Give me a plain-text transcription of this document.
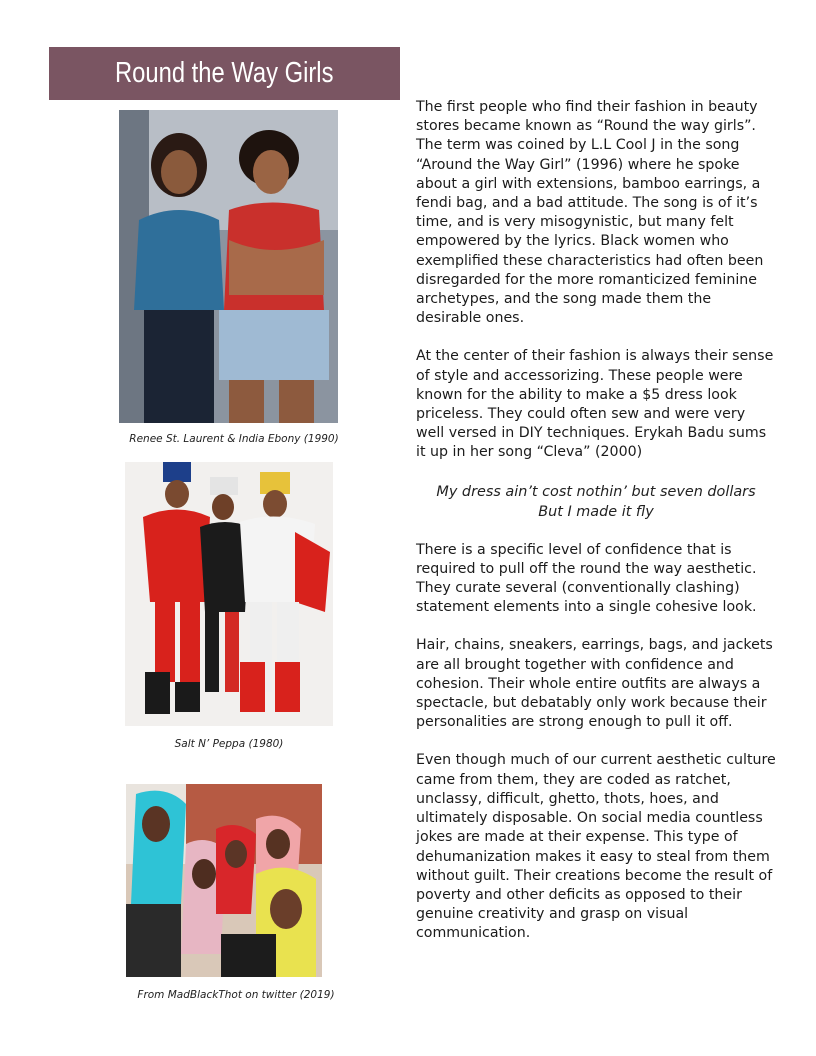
Round the Way Girls
Renee St. Laurent & India Ebony (1990)
Salt N’ Peppa (1980)
From MadBlackThot on twitter (2019)

The first people who find their fashion in beauty stores became known as “Round the way girls”. The term was coined by L.L Cool J in the song “Around the Way Girl” (1996) where he spoke about a girl with extensions, bamboo earrings, a fendi bag, and a bad attitude. The song is of it’s time, and is very misogynistic, but many felt empowered by the lyrics. Black women who exemplified these characteristics had often been disregarded for the more romanticized feminine archetypes, and the song made them the desirable ones.

At the center of their fashion is always their sense of style and accessorizing. These people were known for the ability to make a $5 dress look priceless. They could often sew and were very well versed in DIY techniques. Erykah Badu sums it up in her song “Cleva” (2000)

My dress ain’t cost nothin’ but seven dollars
But I made it fly

There is a specific level of confidence that is required to pull off the round the way aesthetic. They curate several (conventionally clashing) statement elements into a single cohesive look.

Hair, chains, sneakers, earrings, bags, and jackets are all brought together with confidence and cohesion. Their whole entire outfits are always a spectacle, but debatably only work because their personalities are strong enough to pull it off.

Even though much of our current aesthetic culture came from them, they are coded as ratchet, unclassy, difficult, ghetto, thots, hoes, and ultimately disposable. On social media countless jokes are made at their expense. This type of dehumanization makes it easy to steal from them without guilt. Their creations become the result of poverty and other deficits as opposed to their genuine creativity and grasp on visual communication.
